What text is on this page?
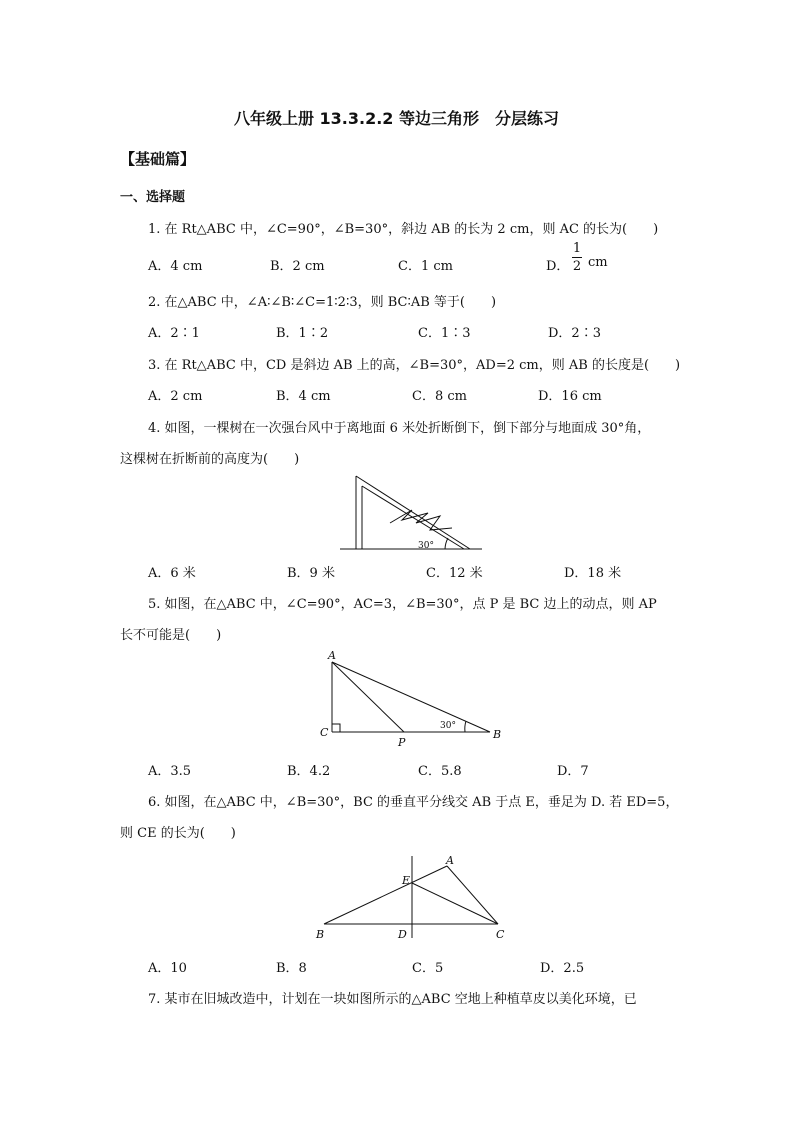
八年级上册 13.3.2.2 等边三角形　分层练习
【基础篇】
一、选择题
1. 在 Rt△ABC 中，∠C=90°，∠B=30°，斜边 AB 的长为 2 cm，则 AC 的长为(　　)
A．4 cm	B．2 cm	C．1 cm	D．
1
2 cm
2. 在△ABC 中，∠A∶∠B∶∠C=1∶2∶3，则 BC∶AB 等于(　　)
A．2∶1	B．1∶2	C．1∶3	D．2∶3
3. 在 Rt△ABC 中，CD 是斜边 AB 上的高，∠B=30°，AD=2 cm，则 AB 的长度是(　　)
A．2 cm	B．4 cm	C．8 cm	D．16 cm
4. 如图，一棵树在一次强台风中于离地面 6 米处折断倒下，倒下部分与地面成 30°角，
这棵树在折断前的高度为(　　)
30°
A．6 米	B．9 米	C．12 米	D．18 米
5. 如图，在△ABC 中，∠C=90°，AC=3，∠B=30°，点 P 是 BC 边上的动点，则 AP
长不可能是(　　)
A
C
P
B
30°
A．3.5	B．4.2	C．5.8	D．7
6. 如图，在△ABC 中，∠B=30°，BC 的垂直平分线交 AB 于点 E，垂足为 D. 若 ED=5，
则 CE 的长为(　　)
B	D	C
E
A
A．10	B．8	C．5	D．2.5
7. 某市在旧城改造中，计划在一块如图所示的△ABC 空地上种植草皮以美化环境，已
